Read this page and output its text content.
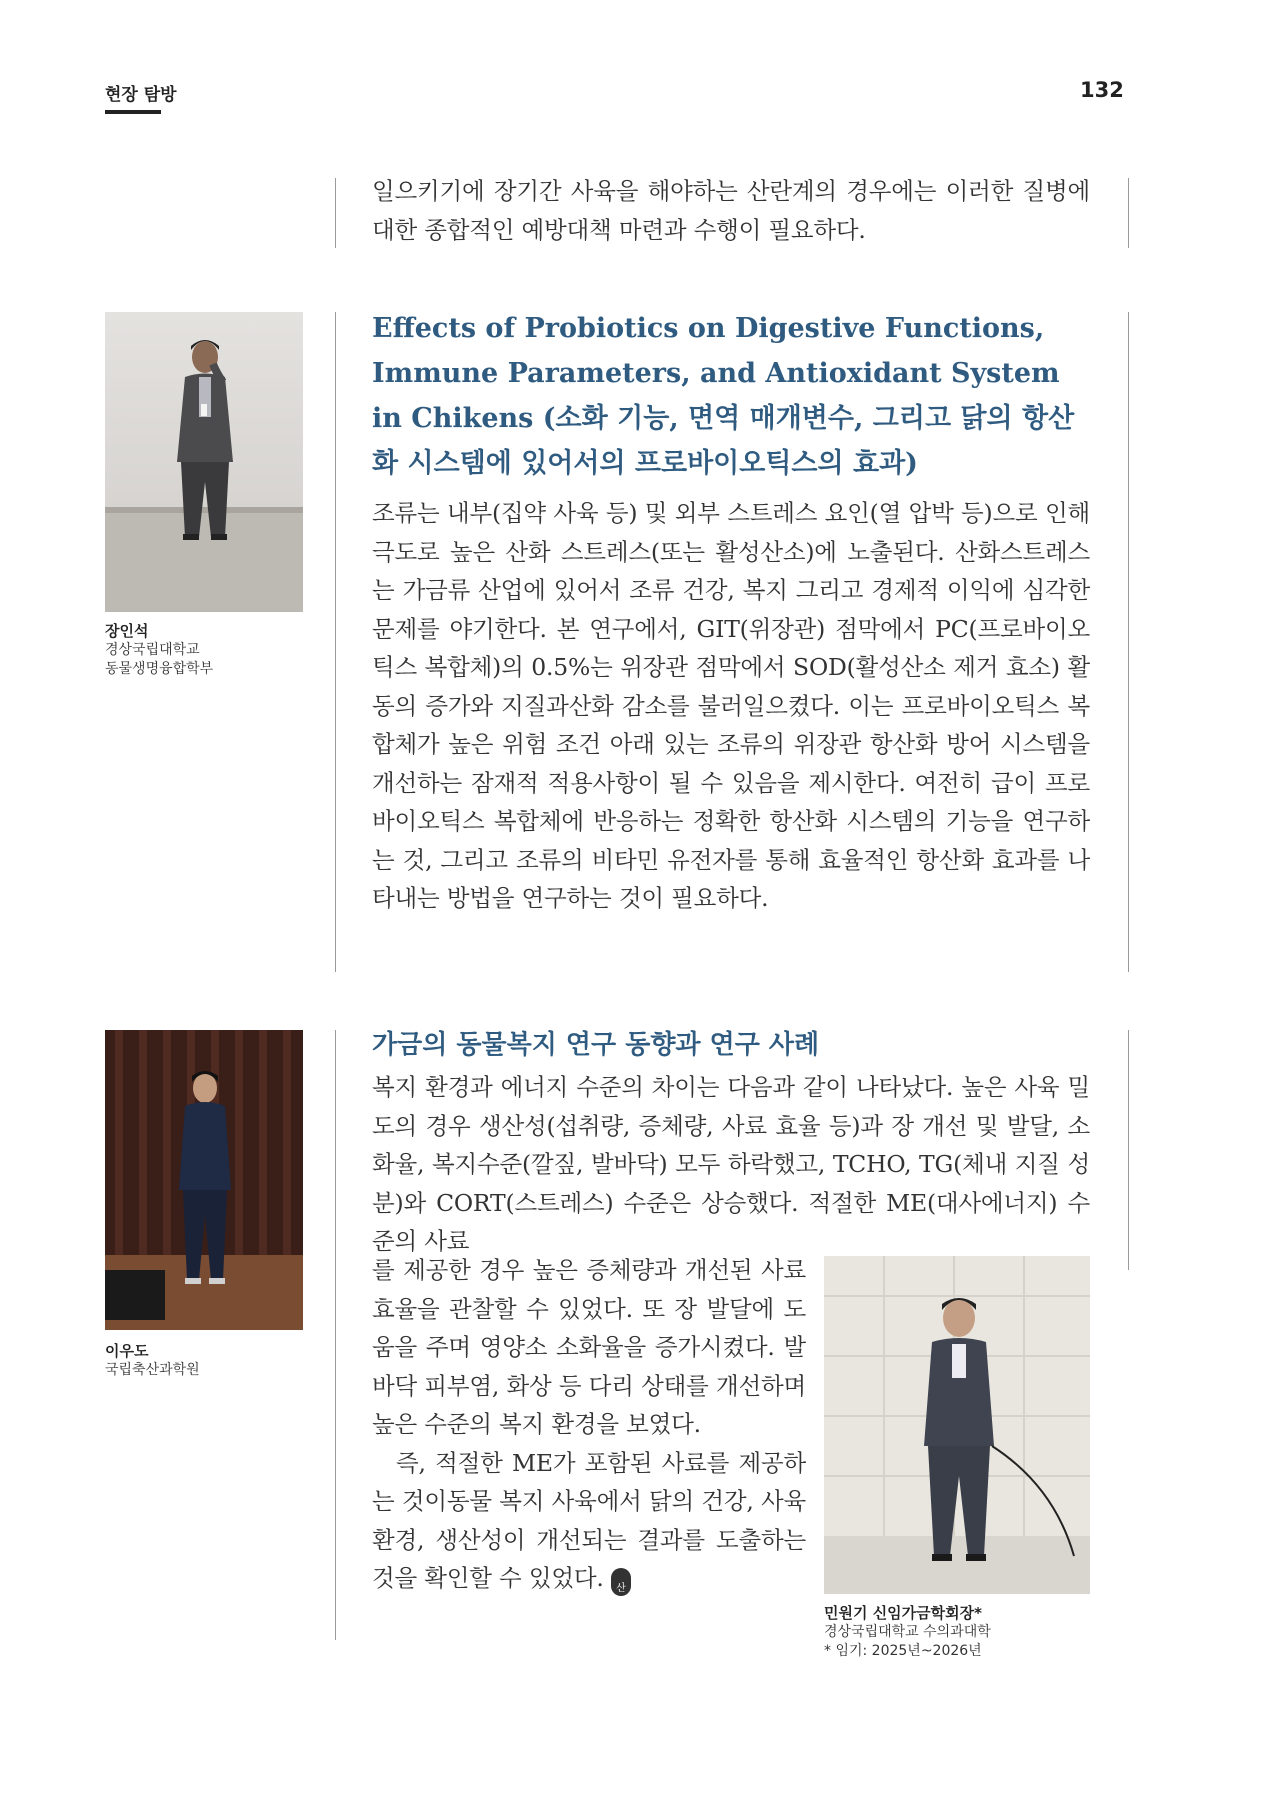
현장 탐방	132

일으키기에 장기간 사육을 해야하는 산란계의 경우에는 이러한 질병에 대한 종합적인 예방대책 마련과 수행이 필요하다.

장인석
경상국립대학교
동물생명융합학부
Effects of Probiotics on Digestive Functions, Immune Parameters, and Antioxidant System in Chikens (소화 기능, 면역 매개변수, 그리고 닭의 항산화 시스템에 있어서의 프로바이오틱스의 효과)

조류는 내부(집약 사육 등) 및 외부 스트레스 요인(열 압박 등)으로 인해 극도로 높은 산화 스트레스(또는 활성산소)에 노출된다. 산화스트레스는 가금류 산업에 있어서 조류 건강, 복지 그리고 경제적 이익에 심각한 문제를 야기한다. 본 연구에서, GIT(위장관) 점막에서 PC(프로바이오틱스 복합체)의 0.5%는 위장관 점막에서 SOD(활성산소 제거 효소) 활동의 증가와 지질과산화 감소를 불러일으켰다. 이는 프로바이오틱스 복합체가 높은 위험 조건 아래 있는 조류의 위장관 항산화 방어 시스템을 개선하는 잠재적 적용사항이 될 수 있음을 제시한다. 여전히 급이 프로바이오틱스 복합체에 반응하는 정확한 항산화 시스템의 기능을 연구하는 것, 그리고 조류의 비타민 유전자를 통해 효율적인 항산화 효과를 나타내는 방법을 연구하는 것이 필요하다.

이우도
국립축산과학원
가금의 동물복지 연구 동향과 연구 사례

복지 환경과 에너지 수준의 차이는 다음과 같이 나타났다. 높은 사육 밀도의 경우 생산성(섭취량, 증체량, 사료 효율 등)과 장 개선 및 발달, 소화율, 복지수준(깔짚, 발바닥) 모두 하락했고, TCHO, TG(체내 지질 성분)와 CORT(스트레스) 수준은 상승했다. 적절한 ME(대사에너지) 수준의 사료

를 제공한 경우 높은 증체량과 개선된 사료효율을 관찰할 수 있었다. 또 장 발달에 도움을 주며 영양소 소화율을 증가시켰다. 발바닥 피부염, 화상 등 다리 상태를 개선하며 높은 수준의 복지 환경을 보였다.

즉, 적절한 ME가 포함된 사료를 제공하는 것이동물 복지 사육에서 닭의 건강, 사육환경, 생산성이 개선되는 결과를 도출하는 것을 확인할 수 있었다.	축
산

민원기 신임가금학회장*
경상국립대학교 수의과대학
* 임기: 2025년~2026년
